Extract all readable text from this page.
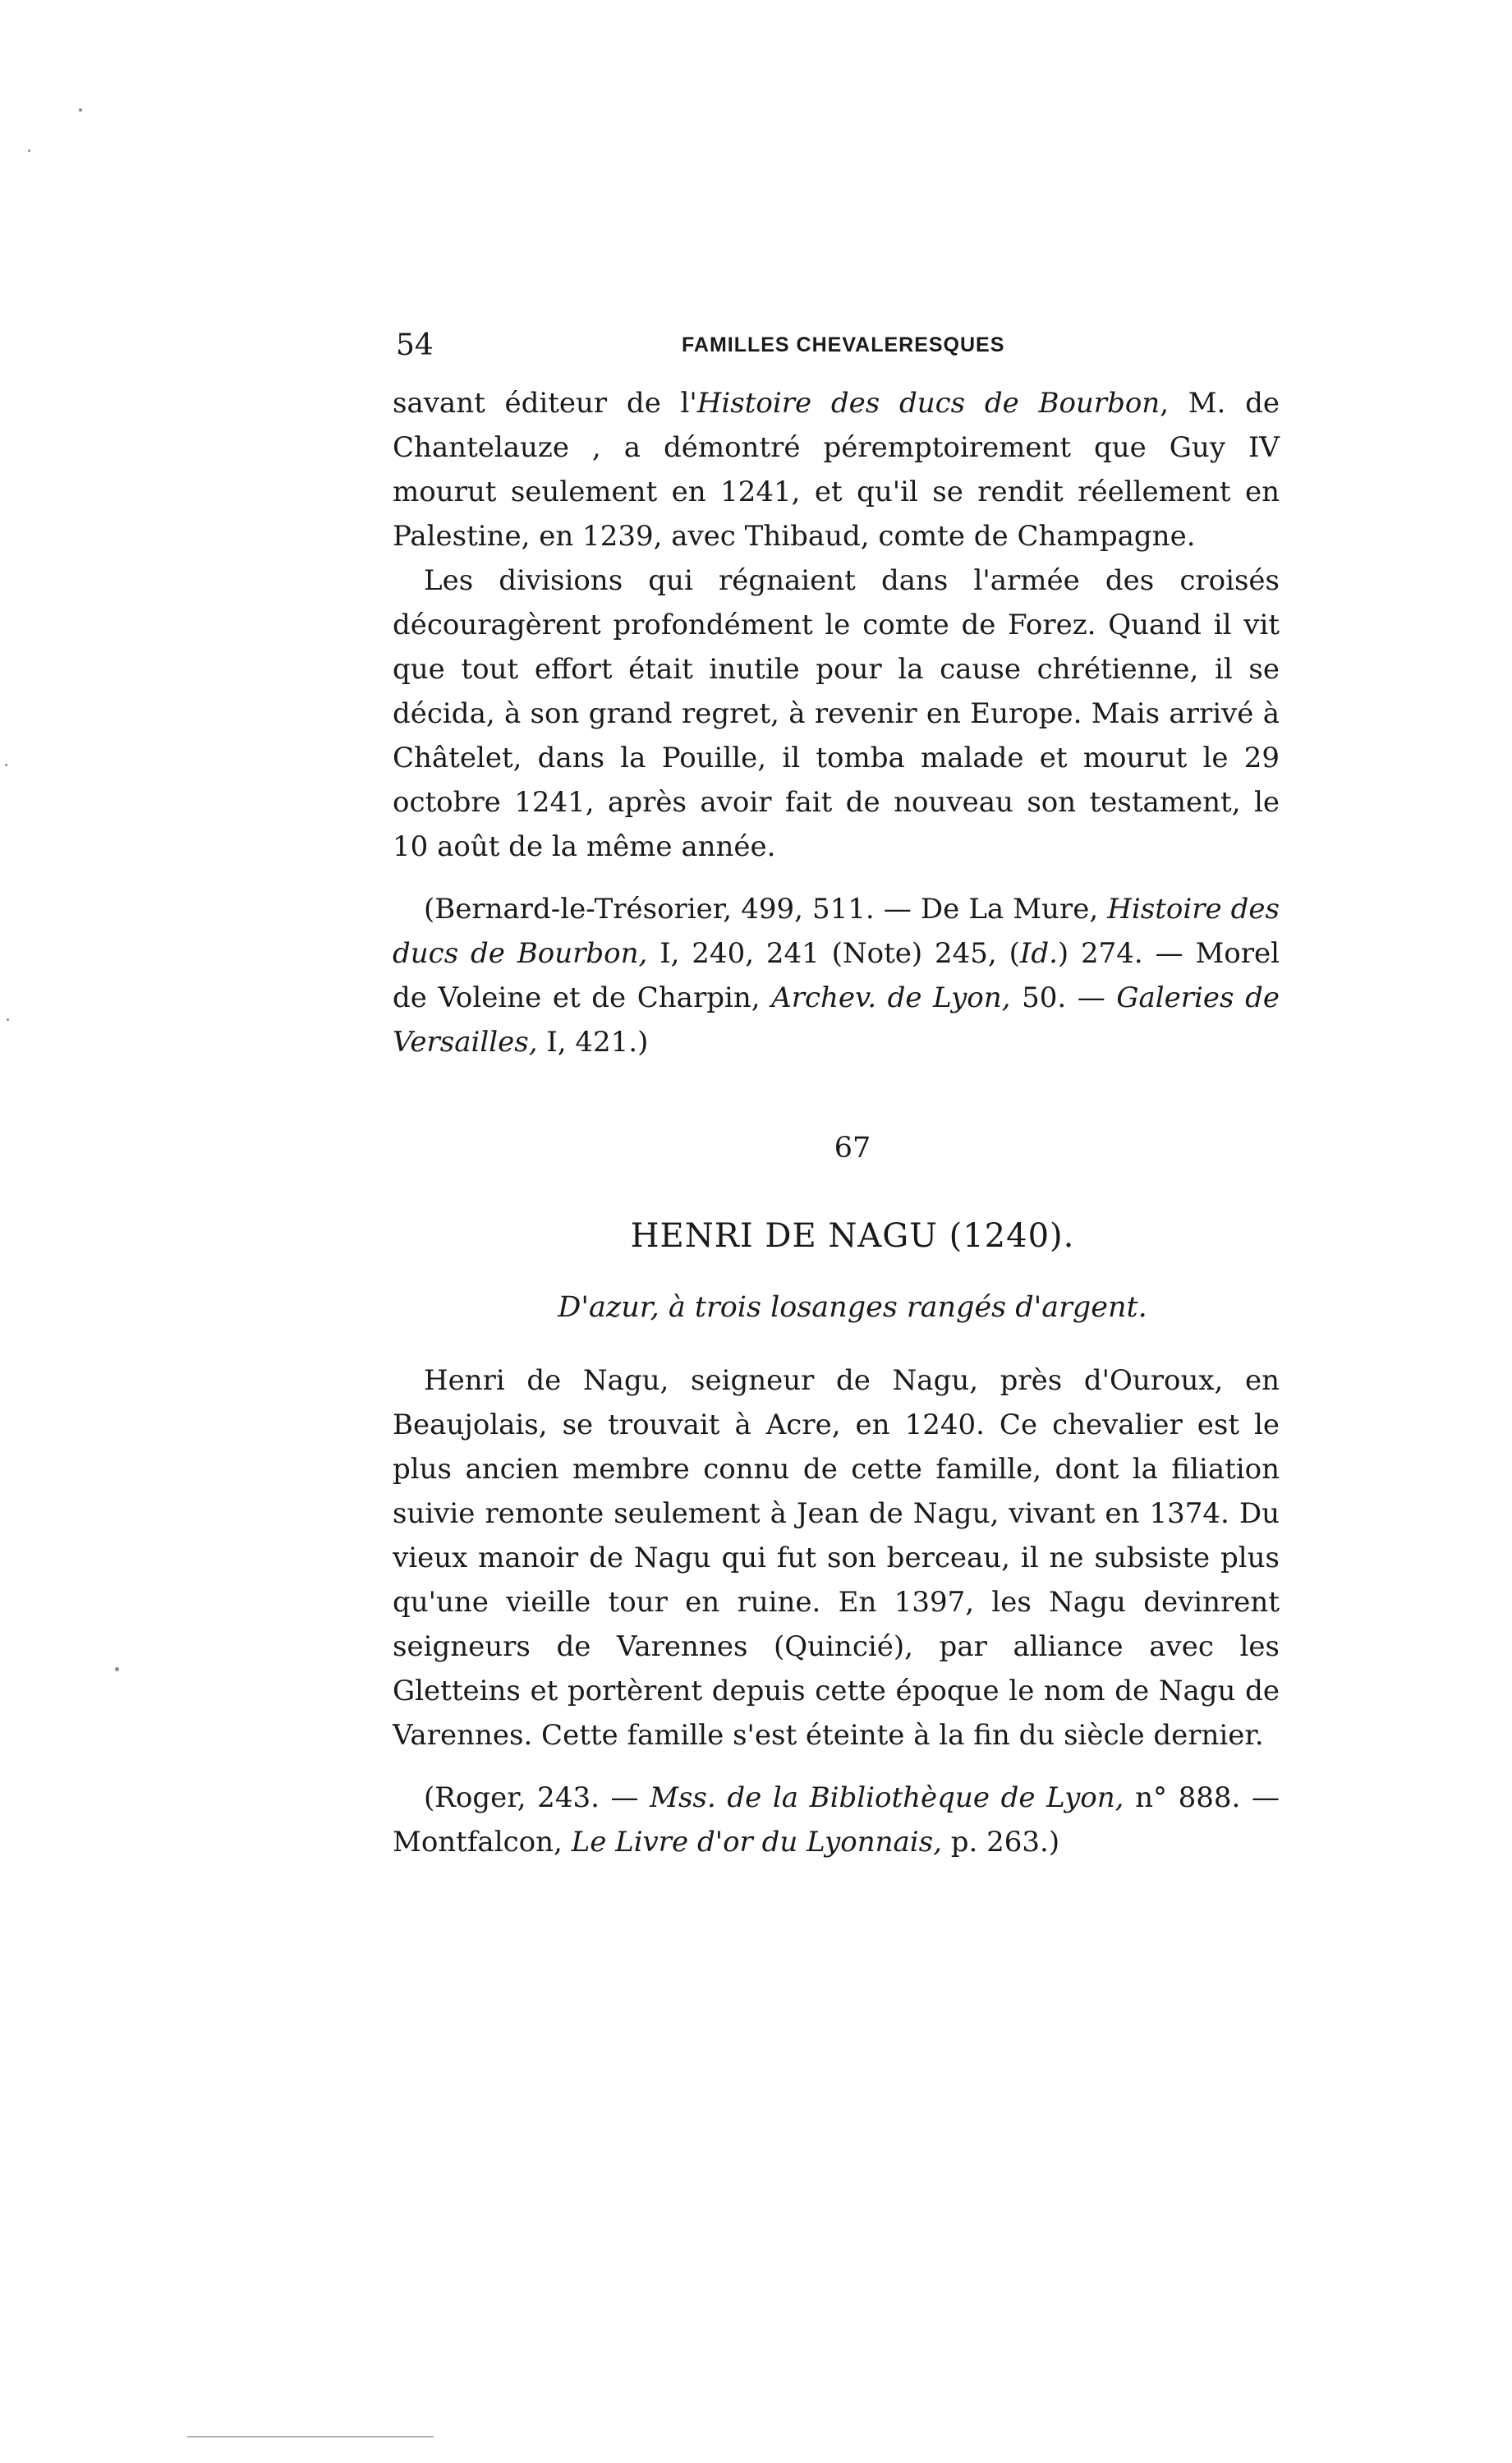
54	FAMILLES CHEVALERESQUES

savant éditeur de l'Histoire des ducs de Bourbon, M. de Chantelauze , a démontré péremptoirement que Guy IV mourut seulement en 1241, et qu'il se rendit réellement en Palestine, en 1239, avec Thibaud, comte de Champagne.

Les divisions qui régnaient dans l'armée des croisés découragèrent profondément le comte de Forez. Quand il vit que tout effort était inutile pour la cause chrétienne, il se décida, à son grand regret, à revenir en Europe. Mais arrivé à Châtelet, dans la Pouille, il tomba malade et mourut le 29 octobre 1241, après avoir fait de nouveau son testament, le 10 août de la même année.

(Bernard-le-Trésorier, 499, 511. — De La Mure, Histoire des ducs de Bourbon, I, 240, 241 (Note) 245, (Id.) 274. — Morel de Voleine et de Charpin, Archev. de Lyon, 50. — Galeries de Versailles, I, 421.)

67
HENRI DE NAGU (1240).
D'azur, à trois losanges rangés d'argent.

Henri de Nagu, seigneur de Nagu, près d'Ouroux, en Beaujolais, se trouvait à Acre, en 1240. Ce chevalier est le plus ancien membre connu de cette famille, dont la filiation suivie remonte seulement à Jean de Nagu, vivant en 1374. Du vieux manoir de Nagu qui fut son berceau, il ne subsiste plus qu'une vieille tour en ruine. En 1397, les Nagu devinrent seigneurs de Varennes (Quincié), par alliance avec les Gletteins et portèrent depuis cette époque le nom de Nagu de Varennes. Cette famille s'est éteinte à la fin du siècle dernier.

(Roger, 243. — Mss. de la Bibliothèque de Lyon, n° 888. — Montfalcon, Le Livre d'or du Lyonnais, p. 263.)
